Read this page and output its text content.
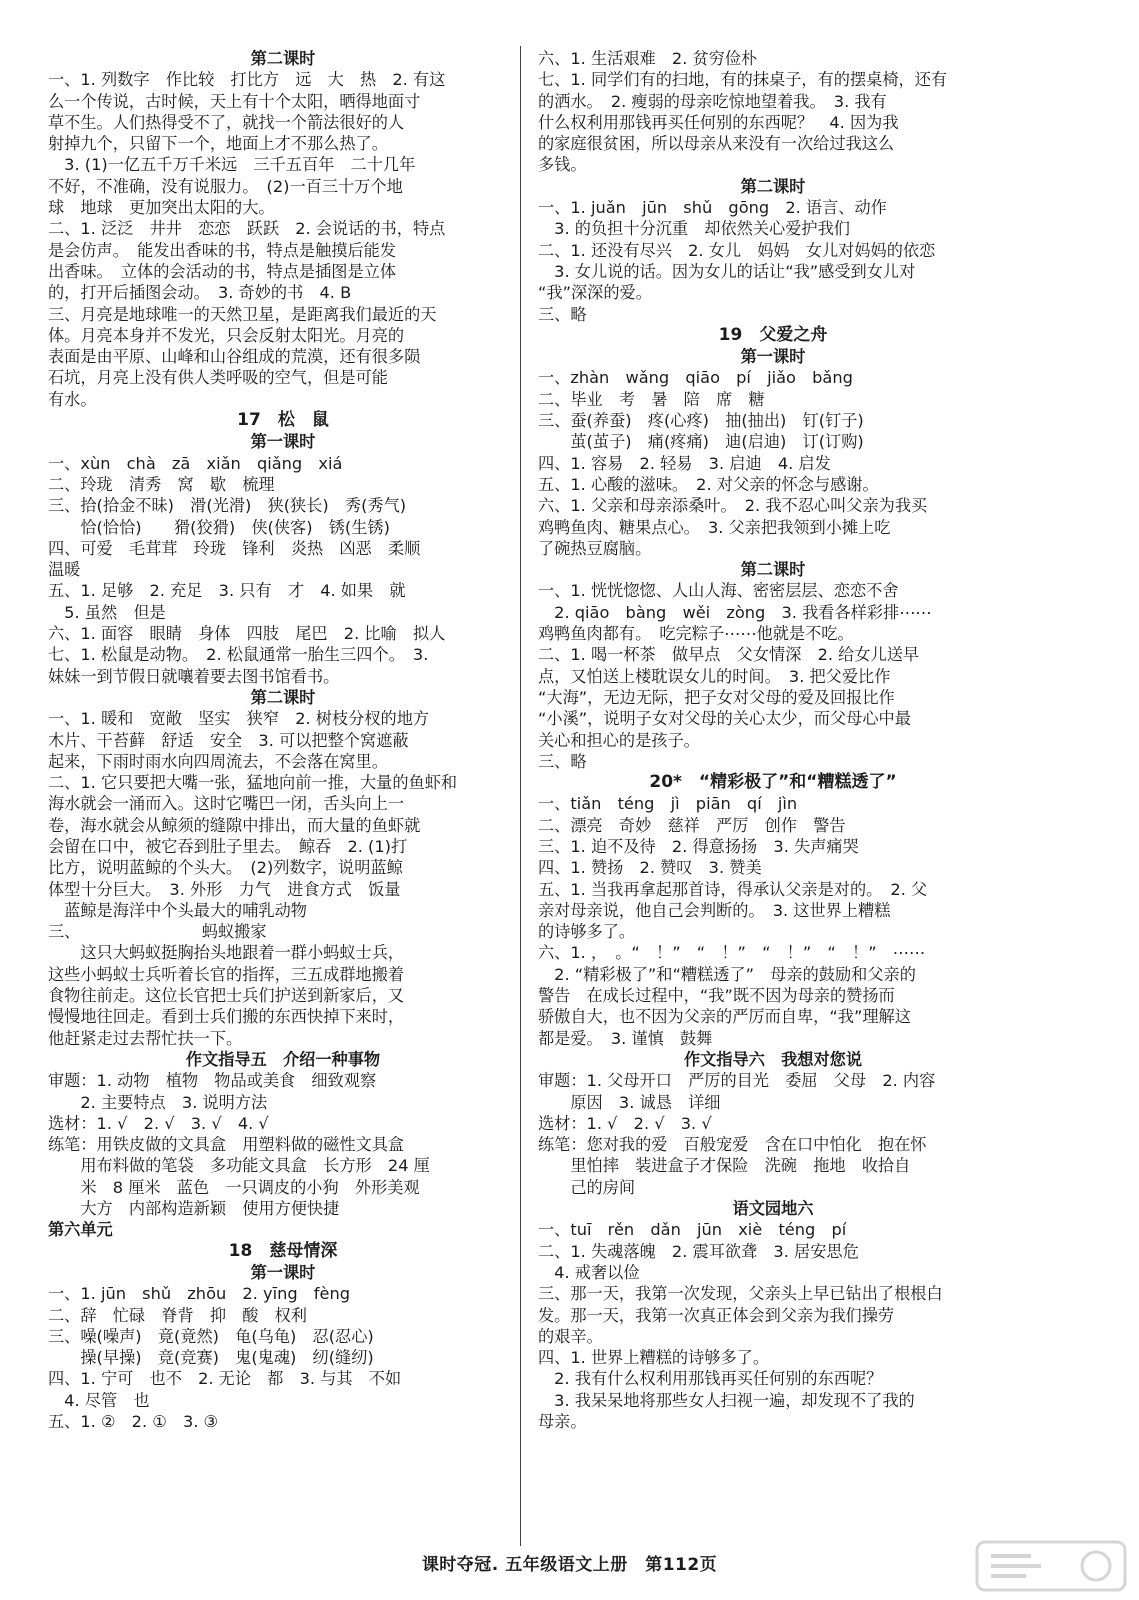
第二课时
一、1. 列数字　作比较　打比方　远　大　热　2. 有这
么一个传说，古时候，天上有十个太阳，晒得地面寸
草不生。人们热得受不了，就找一个箭法很好的人
射掉九个，只留下一个，地面上才不那么热了。
　3. (1)一亿五千万千米远　三千五百年　二十几年
不好，不准确，没有说服力。　(2)一百三十万个地
球　地球　更加突出太阳的大。
二、1. 泛泛　井井　恋恋　跃跃　2. 会说话的书，特点
是会仿声。　能发出香味的书，特点是触摸后能发
出香味。　立体的会活动的书，特点是插图是立体
的，打开后插图会动。　3. 奇妙的书　4. B
三、月亮是地球唯一的天然卫星，是距离我们最近的天
体。月亮本身并不发光，只会反射太阳光。月亮的
表面是由平原、山峰和山谷组成的荒漠，还有很多陨
石坑，月亮上没有供人类呼吸的空气，但是可能
有水。
17　松　鼠
第一课时
一、xùn　chà　zā　xiǎn　qiǎng　xiá
二、玲珑　清秀　窝　歇　梳理
三、拾(拾金不昧)　滑(光滑)　狭(狭长)　秀(秀气)
　　恰(恰恰)　　猾(狡猾)　侠(侠客)　锈(生锈)
四、可爱　毛茸茸　玲珑　锋利　炎热　凶恶　柔顺
温暖
五、1. 足够　2. 充足　3. 只有　才　4. 如果　就
　5. 虽然　但是
六、1. 面容　眼睛　身体　四肢　尾巴　2. 比喻　拟人
七、1. 松鼠是动物。　2. 松鼠通常一胎生三四个。　3.
妹妹一到节假日就嚷着要去图书馆看书。
第二课时
一、1. 暖和　宽敞　坚实　狭窄　2. 树枝分杈的地方
木片、干苔藓　舒适　安全　3. 可以把整个窝遮蔽
起来，下雨时雨水向四周流去，不会落在窝里。
二、1. 它只要把大嘴一张，猛地向前一推，大量的鱼虾和
海水就会一涌而入。这时它嘴巴一闭，舌头向上一
卷，海水就会从鲸须的缝隙中排出，而大量的鱼虾就
会留在口中，被它吞到肚子里去。　鲸吞　2. (1)打
比方，说明蓝鲸的个头大。　(2)列数字，说明蓝鲸
体型十分巨大。　3. 外形　力气　进食方式　饭量
　蓝鲸是海洋中个头最大的哺乳动物
三、　　　　　　　　蚂蚁搬家
　　这只大蚂蚁挺胸抬头地跟着一群小蚂蚁士兵，
这些小蚂蚁士兵听着长官的指挥，三五成群地搬着
食物往前走。这位长官把士兵们护送到新家后，又
慢慢地往回走。看到士兵们搬的东西快掉下来时，
他赶紧走过去帮忙扶一下。
作文指导五　介绍一种事物
审题：1. 动物　植物　物品或美食　细致观察
　　2. 主要特点　3. 说明方法
选材：1. √　2. √　3. √　4. √
练笔：用铁皮做的文具盒　用塑料做的磁性文具盒
　　用布料做的笔袋　多功能文具盒　长方形　24 厘
　　米　8 厘米　蓝色　一只调皮的小狗　外形美观
　　大方　内部构造新颖　使用方便快捷
第六单元
18　慈母情深
第一课时
一、1. jūn　shǔ　zhōu　2. yīng　fèng
二、辞　忙碌　脊背　抑　酸　权利
三、噪(噪声)　竟(竟然)　龟(乌龟)　忍(忍心)
　　操(早操)　竞(竞赛)　鬼(鬼魂)　纫(缝纫)
四、1. 宁可　也不　2. 无论　都　3. 与其　不如
　4. 尽管　也
五、1. ②　2. ①　3. ③
六、1. 生活艰难　2. 贫穷俭朴
七、1. 同学们有的扫地，有的抹桌子，有的摆桌椅，还有
的洒水。　2. 瘦弱的母亲吃惊地望着我。　3. 我有
什么权利用那钱再买任何别的东西呢？　4. 因为我
的家庭很贫困，所以母亲从来没有一次给过我这么
多钱。
第二课时
一、1. juǎn　jūn　shǔ　gōng　2. 语言、动作
　3. 的负担十分沉重　却依然关心爱护我们
二、1. 还没有尽兴　2. 女儿　妈妈　女儿对妈妈的依恋
　3. 女儿说的话。因为女儿的话让“我”感受到女儿对
“我”深深的爱。
三、略
19　父爱之舟
第一课时
一、zhàn　wǎng　qiāo　pí　jiǎo　bǎng
二、毕业　考　暑　陪　席　糖
三、蚕(养蚕)　疼(心疼)　抽(抽出)　钉(钉子)
　　茧(茧子)　痛(疼痛)　迪(启迪)　订(订购)
四、1. 容易　2. 轻易　3. 启迪　4. 启发
五、1. 心酸的滋味。　2. 对父亲的怀念与感谢。
六、1. 父亲和母亲添桑叶。　2. 我不忍心叫父亲为我买
鸡鸭鱼肉、糖果点心。　3. 父亲把我领到小摊上吃
了碗热豆腐脑。
第二课时
一、1. 恍恍惚惚、人山人海、密密层层、恋恋不舍
　2. qiāo　bàng　wěi　zòng　3. 我看各样彩排⋯⋯
鸡鸭鱼肉都有。　吃完粽子⋯⋯他就是不吃。
二、1. 喝一杯茶　做早点　父女情深　2. 给女儿送早
点，又怕送上楼耽误女儿的时间。　3. 把父爱比作
“大海”，无边无际，把子女对父母的爱及回报比作
“小溪”，说明子女对父母的关心太少，而父母心中最
关心和担心的是孩子。
三、略
20*　“精彩极了”和“糟糕透了”
一、tiǎn　téng　jì　piān　qí　jìn
二、漂亮　奇妙　慈祥　严厉　创作　警告
三、1. 迫不及待　2. 得意扬扬　3. 失声痛哭
四、1. 赞扬　2. 赞叹　3. 赞美
五、1. 当我再拿起那首诗，得承认父亲是对的。　2. 父
亲对母亲说，他自己会判断的。　3. 这世界上糟糕
的诗够多了。
六、1. ，　。“　！”　“　！”　“　！”　“　！”　⋯⋯
　2. “精彩极了”和“糟糕透了”　母亲的鼓励和父亲的
警告　在成长过程中，“我”既不因为母亲的赞扬而
骄傲自大，也不因为父亲的严厉而自卑，“我”理解这
都是爱。　3. 谨慎　鼓舞
作文指导六　我想对您说
审题：1. 父母开口　严厉的目光　委屈　父母　2. 内容
　　原因　3. 诚恳　详细
选材：1. √　2. √　3. √
练笔：您对我的爱　百般宠爱　含在口中怕化　抱在怀
　　里怕摔　装进盒子才保险　洗碗　拖地　收拾自
　　己的房间
语文园地六
一、tuī　rěn　dǎn　jūn　xiè　téng　pí
二、1. 失魂落魄　2. 震耳欲聋　3. 居安思危
　4. 戒奢以俭
三、那一天，我第一次发现，父亲头上早已钻出了根根白
发。那一天，我第一次真正体会到父亲为我们操劳
的艰辛。
四、1. 世界上糟糕的诗够多了。
　2. 我有什么权利用那钱再买任何别的东西呢？
　3. 我呆呆地将那些女人扫视一遍，却发现不了我的
母亲。
课时夺冠. 五年级语文上册　第112页
